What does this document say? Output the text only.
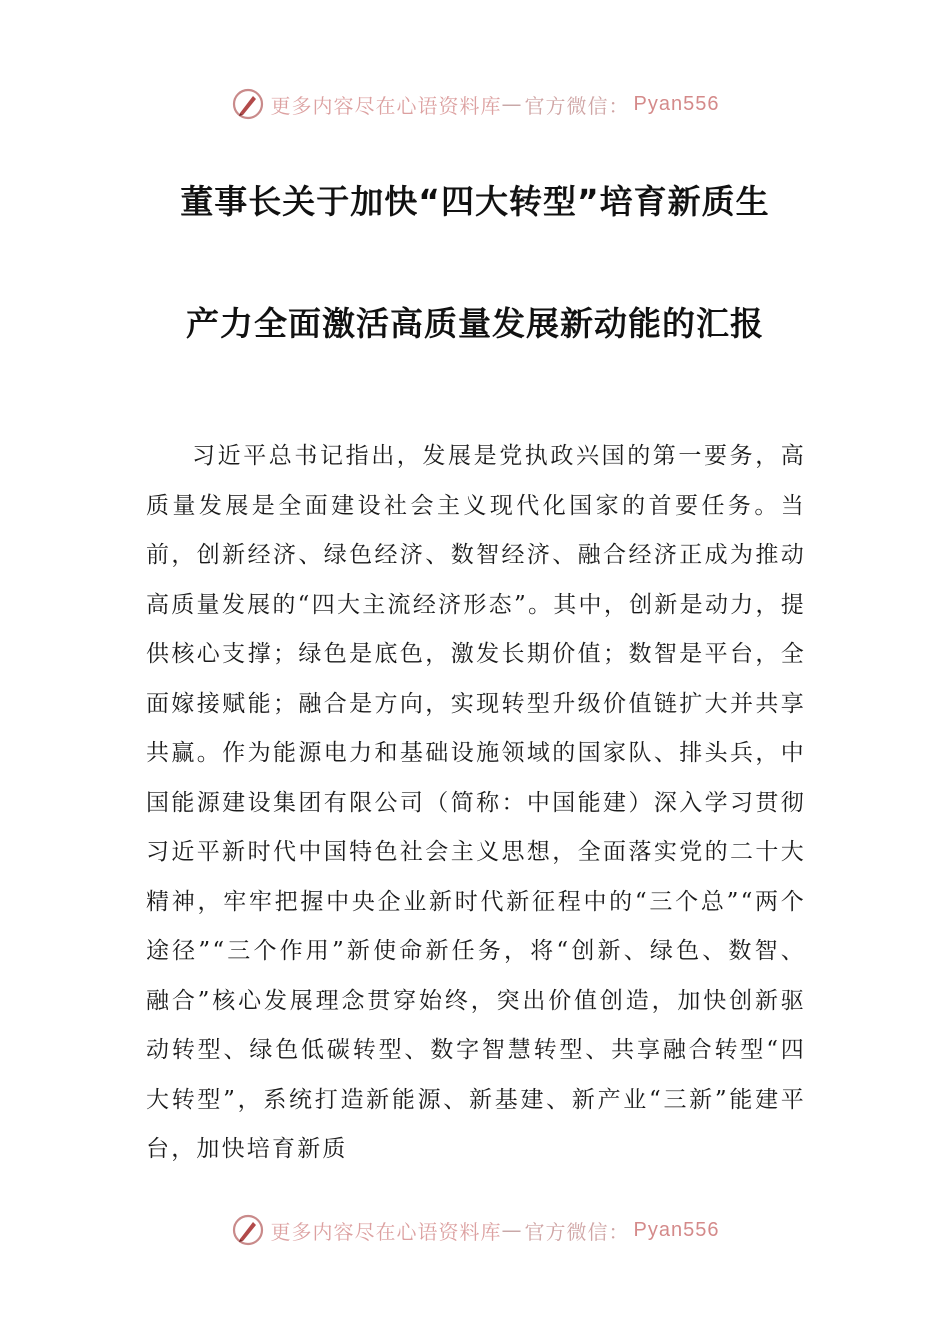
更多内容尽在心语资料库 — 官方微信： Pyan556
董事长关于加快“四大转型”培育新质生
产力全面激活高质量发展新动能的汇报
习近平总书记指出，发展是党执政兴国的第一要务，高质量发展是全面建设社会主义现代化国家的首要任务。当前，创新经济、绿色经济、数智经济、融合经济正成为推动高质量发展的“四大主流经济形态”。其中，创新是动力，提供核心支撑；绿色是底色，激发长期价值；数智是平台，全面嫁接赋能；融合是方向，实现转型升级价值链扩大并共享共赢。作为能源电力和基础设施领域的国家队、排头兵，中国能源建设集团有限公司（简称：中国能建）深入学习贯彻习近平新时代中国特色社会主义思想，全面落实党的二十大精神，牢牢把握中央企业新时代新征程中的“三个总”“两个途径”“三个作用”新使命新任务，将“创新、绿色、数智、融合”核心发展理念贯穿始终，突出价值创造，加快创新驱动转型、绿色低碳转型、数字智慧转型、共享融合转型“四大转型”，系统打造新能源、新基建、新产业“三新”能建平台，加快培育新质
更多内容尽在心语资料库 — 官方微信： Pyan556
